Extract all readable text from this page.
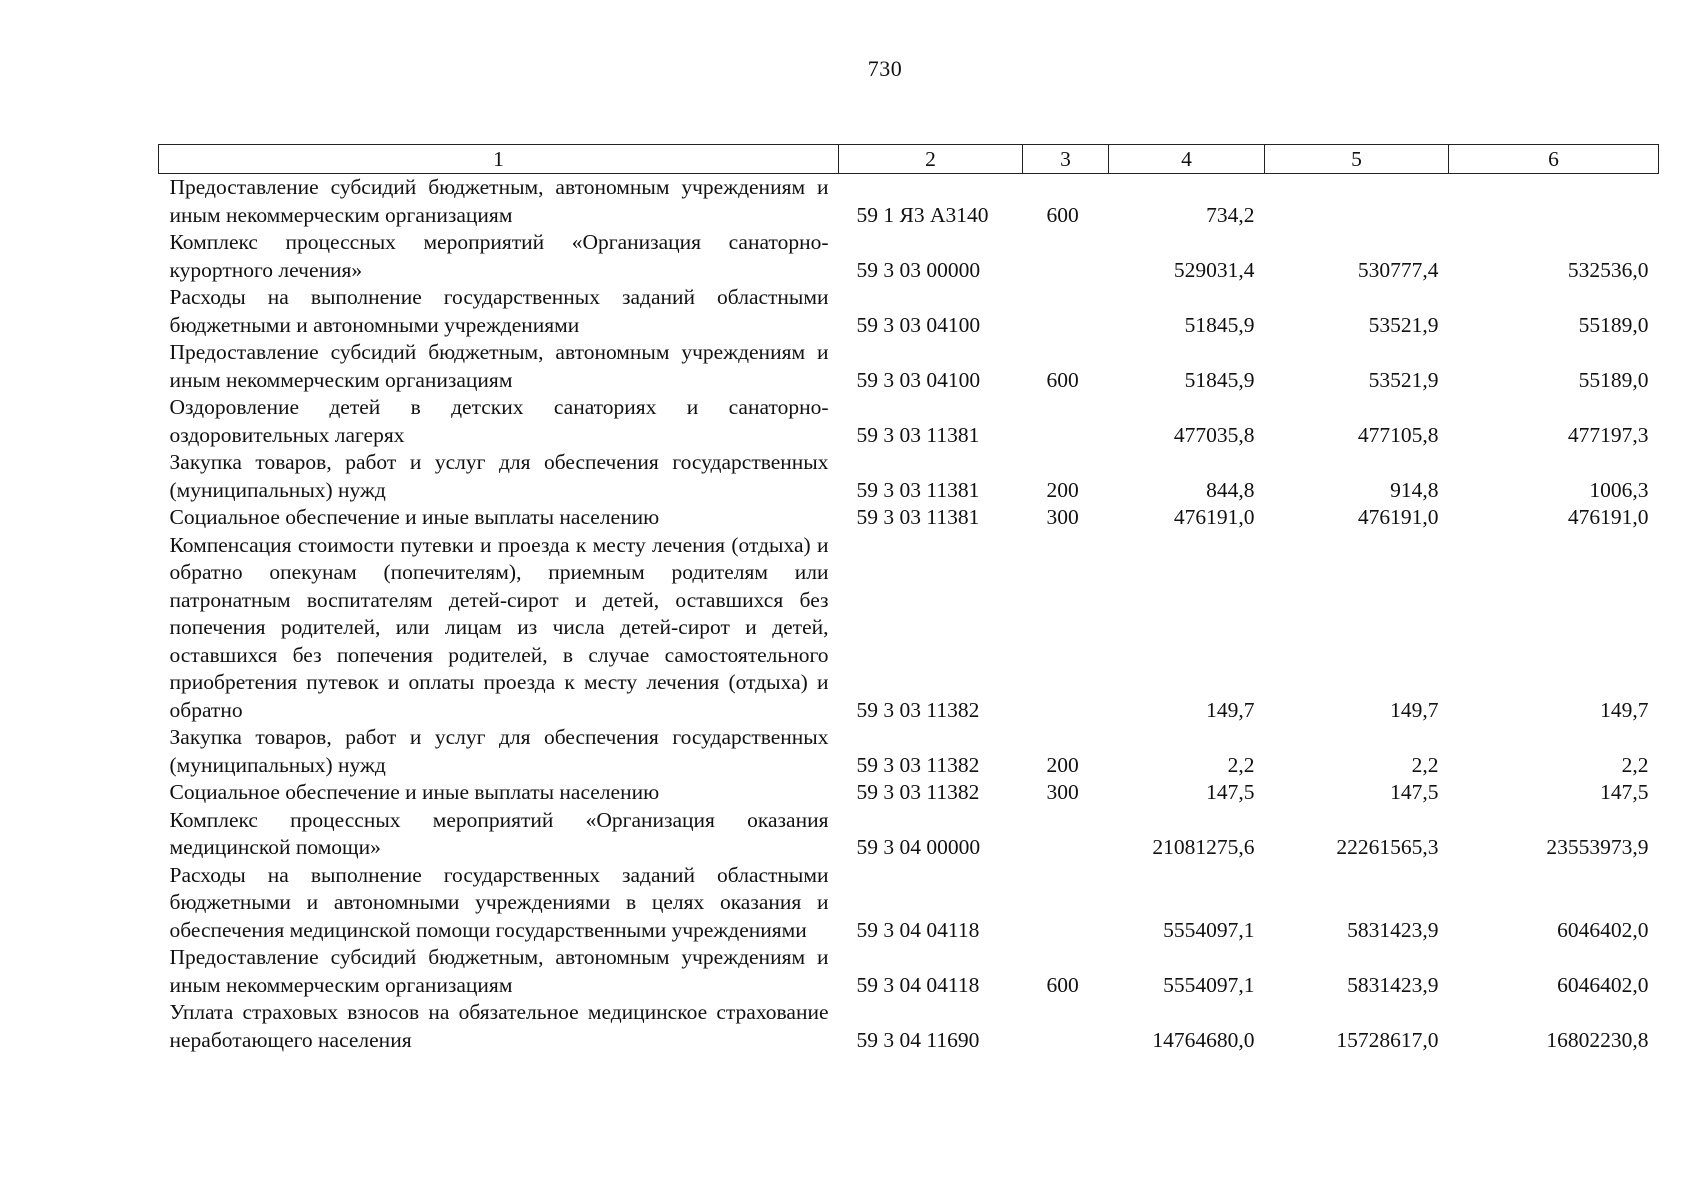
730
1	2	3	4	5	6
Предоставление субсидий бюджетным, автономным учреждениям и иным некоммерческим организациям	59 1 Я3 А3140	600	734,2		
Комплекс процессных мероприятий «Организация санаторно-курортного лечения»	59 3 03 00000		529031,4	530777,4	532536,0
Расходы на выполнение государственных заданий областными бюджетными и автономными учреждениями	59 3 03 04100		51845,9	53521,9	55189,0
Предоставление субсидий бюджетным, автономным учреждениям и иным некоммерческим организациям	59 3 03 04100	600	51845,9	53521,9	55189,0
Оздоровление детей в детских санаториях и санаторно-оздоровительных лагерях	59 3 03 11381		477035,8	477105,8	477197,3
Закупка товаров, работ и услуг для обеспечения государственных (муниципальных) нужд	59 3 03 11381	200	844,8	914,8	1006,3
Социальное обеспечение и иные выплаты населению	59 3 03 11381	300	476191,0	476191,0	476191,0
Компенсация стоимости путевки и проезда к месту лечения (отдыха) и обратно опекунам (попечителям), приемным родителям или патронатным воспитателям детей-сирот и детей, оставшихся без попечения родителей, или лицам из числа детей-сирот и детей, оставшихся без попечения родителей, в случае самостоятельного приобретения путевок и оплаты проезда к месту лечения (отдыха) и обратно	59 3 03 11382		149,7	149,7	149,7
Закупка товаров, работ и услуг для обеспечения государственных (муниципальных) нужд	59 3 03 11382	200	2,2	2,2	2,2
Социальное обеспечение и иные выплаты населению	59 3 03 11382	300	147,5	147,5	147,5
Комплекс процессных мероприятий «Организация оказания медицинской помощи»	59 3 04 00000		21081275,6	22261565,3	23553973,9
Расходы на выполнение государственных заданий областными бюджетными и автономными учреждениями в целях оказания и обеспечения медицинской помощи государственными учреждениями	59 3 04 04118		5554097,1	5831423,9	6046402,0
Предоставление субсидий бюджетным, автономным учреждениям и иным некоммерческим организациям	59 3 04 04118	600	5554097,1	5831423,9	6046402,0
Уплата страховых взносов на обязательное медицинское страхование неработающего населения	59 3 04 11690		14764680,0	15728617,0	16802230,8
